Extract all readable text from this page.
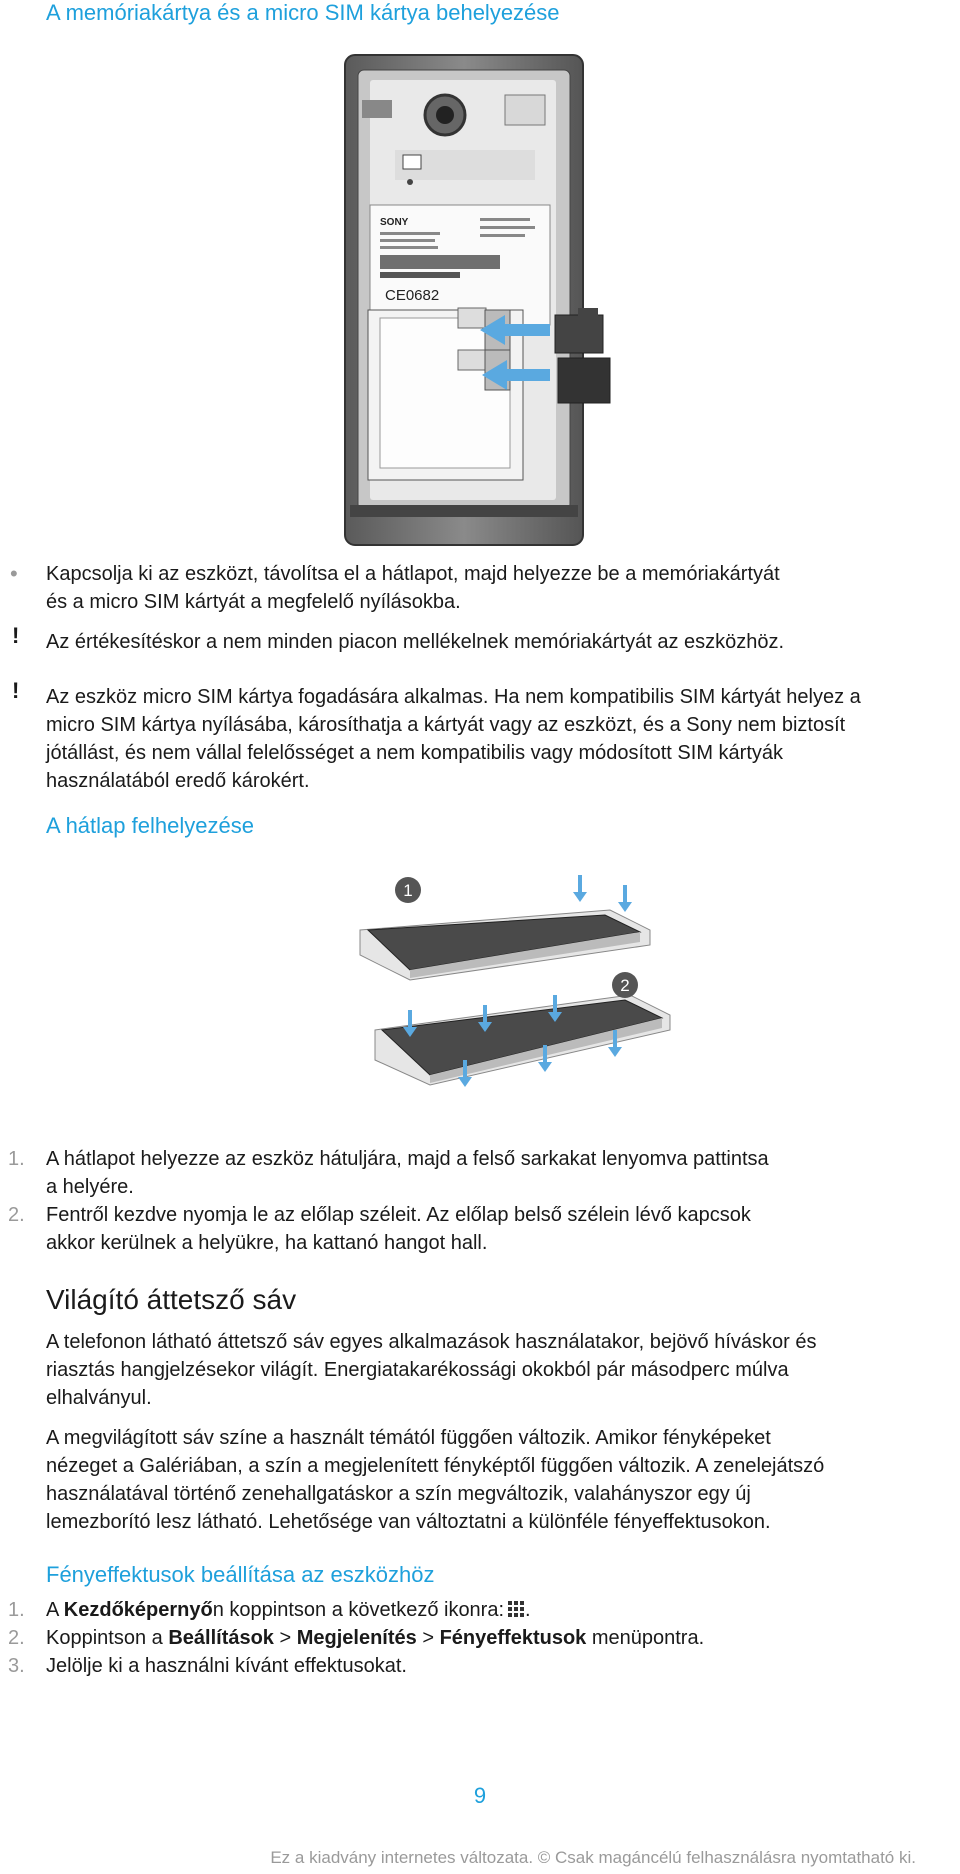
A memóriakártya és a micro SIM kártya behelyezése
SONY
CE0682
• Kapcsolja ki az eszközt, távolítsa el a hátlapot, majd helyezze be a memóriakártyát
és a micro SIM kártyát a megfelelő nyílásokba.
! Az értékesítéskor a nem minden piacon mellékelnek memóriakártyát az eszközhöz.
! Az eszköz micro SIM kártya fogadására alkalmas. Ha nem kompatibilis SIM kártyát helyez a
micro SIM kártya nyílásába, károsíthatja a kártyát vagy az eszközt, és a Sony nem biztosít
jótállást, és nem vállal felelősséget a nem kompatibilis vagy módosított SIM kártyák
használatából eredő károkért.
A hátlap felhelyezése
1
2
1. A hátlapot helyezze az eszköz hátuljára, majd a felső sarkakat lenyomva pattintsa
a helyére.
2. Fentről kezdve nyomja le az előlap széleit. Az előlap belső szélein lévő kapcsok
akkor kerülnek a helyükre, ha kattanó hangot hall.
Világító áttetsző sáv
A telefonon látható áttetsző sáv egyes alkalmazások használatakor, bejövő híváskor és
riasztás hangjelzésekor világít. Energiatakarékossági okokból pár másodperc múlva
elhalványul.
A megvilágított sáv színe a használt témától függően változik. Amikor fényképeket
nézeget a Galériában, a szín a megjelenített fényképtől függően változik. A zenelejátszó
használatával történő zenehallgatáskor a szín megváltozik, valahányszor egy új
lemezborító lesz látható. Lehetősége van változtatni a különféle fényeffektusokon.
Fényeffektusok beállítása az eszközhöz
1. A Kezdőképernyőn koppintson a következő ikonra: .
2. Koppintson a Beállítások > Megjelenítés > Fényeffektusok menüpontra.
3. Jelölje ki a használni kívánt effektusokat.
9
Ez a kiadvány internetes változata. © Csak magáncélú felhasználásra nyomtatható ki.
